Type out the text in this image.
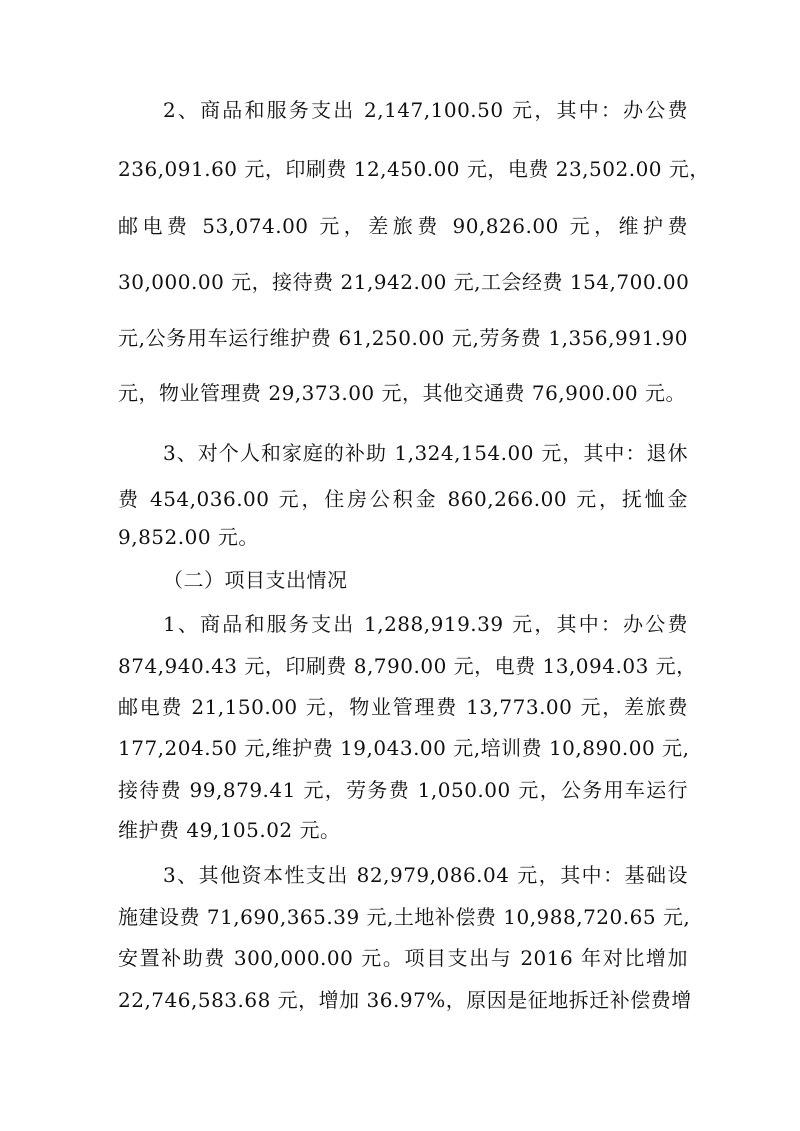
2、商品和服务支出 2,147,100.50 元，其中：办公费
236,091.60 元，印刷费 12,450.00 元，电费 23,502.00 元，
邮电费 53,074.00 元，差旅费 90,826.00 元，维护费
30,000.00 元，接待费 21,942.00 元,工会经费 154,700.00
元,公务用车运行维护费 61,250.00 元,劳务费 1,356,991.90
元，物业管理费 29,373.00 元，其他交通费 76,900.00 元。
3、对个人和家庭的补助 1,324,154.00 元，其中：退休
费 454,036.00 元，住房公积金 860,266.00 元，抚恤金
9,852.00 元。
（二）项目支出情况
1、商品和服务支出 1,288,919.39 元，其中：办公费
874,940.43 元，印刷费 8,790.00 元，电费 13,094.03 元，
邮电费 21,150.00 元，物业管理费 13,773.00 元，差旅费
177,204.50 元,维护费 19,043.00 元,培训费 10,890.00 元,
接待费 99,879.41 元，劳务费 1,050.00 元，公务用车运行
维护费 49,105.02 元。
3、其他资本性支出 82,979,086.04 元，其中：基础设
施建设费 71,690,365.39 元,土地补偿费 10,988,720.65 元,
安置补助费 300,000.00 元。项目支出与 2016 年对比增加
22,746,583.68 元，增加 36.97%，原因是征地拆迁补偿费增
